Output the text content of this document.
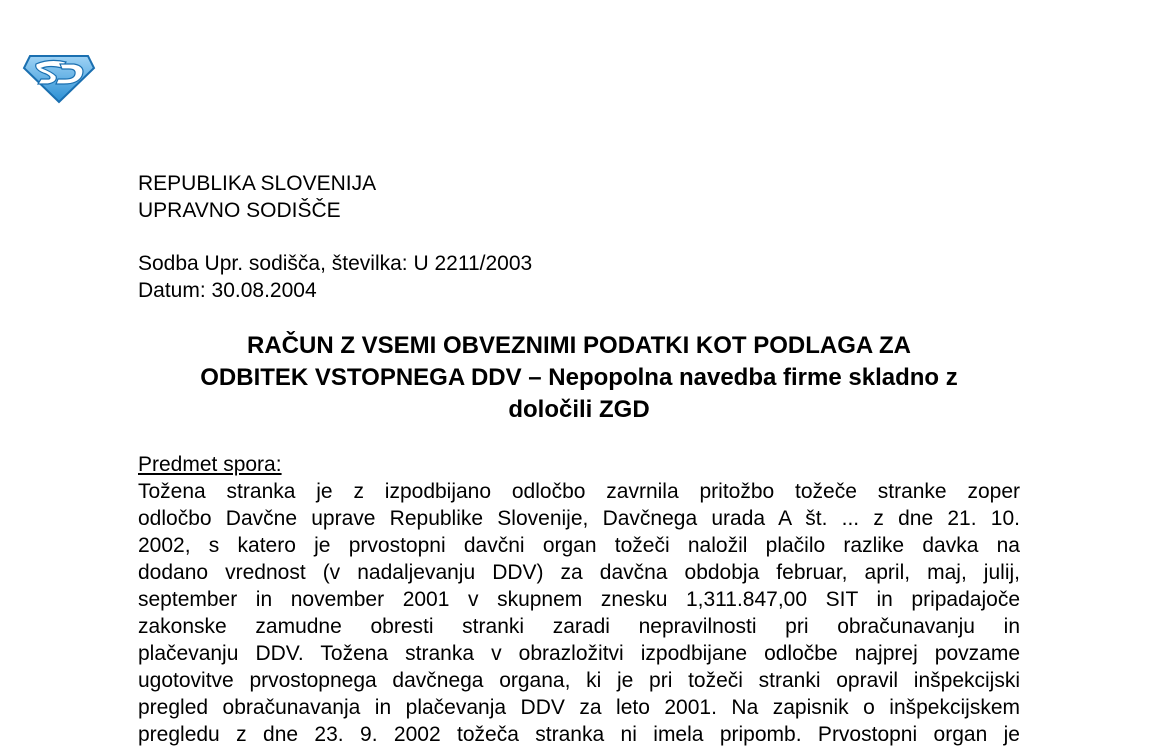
REPUBLIKA SLOVENIJA
UPRAVNO SODIŠČE
Sodba Upr. sodišča, številka: U 2211/2003
Datum: 30.08.2004
RAČUN Z VSEMI OBVEZNIMI PODATKI KOT PODLAGA ZA
ODBITEK VSTOPNEGA DDV – Nepopolna navedba firme skladno z
določili ZGD
Predmet spora:
Tožena stranka je z izpodbijano odločbo zavrnila pritožbo tožeče stranke zoper
odločbo Davčne uprave Republike Slovenije, Davčnega urada A št. ... z dne 21. 10.
2002, s katero je prvostopni davčni organ tožeči naložil plačilo razlike davka na
dodano vrednost (v nadaljevanju DDV) za davčna obdobja februar, april, maj, julij,
september in november 2001 v skupnem znesku 1,311.847,00 SIT in pripadajoče
zakonske zamudne obresti stranki zaradi nepravilnosti pri obračunavanju in
plačevanju DDV. Tožena stranka v obrazložitvi izpodbijane odločbe najprej povzame
ugotovitve prvostopnega davčnega organa, ki je pri tožeči stranki opravil inšpekcijski
pregled obračunavanja in plačevanja DDV za leto 2001. Na zapisnik o inšpekcijskem
pregledu z dne 23. 9. 2002 tožeča stranka ni imela pripomb. Prvostopni organ je
